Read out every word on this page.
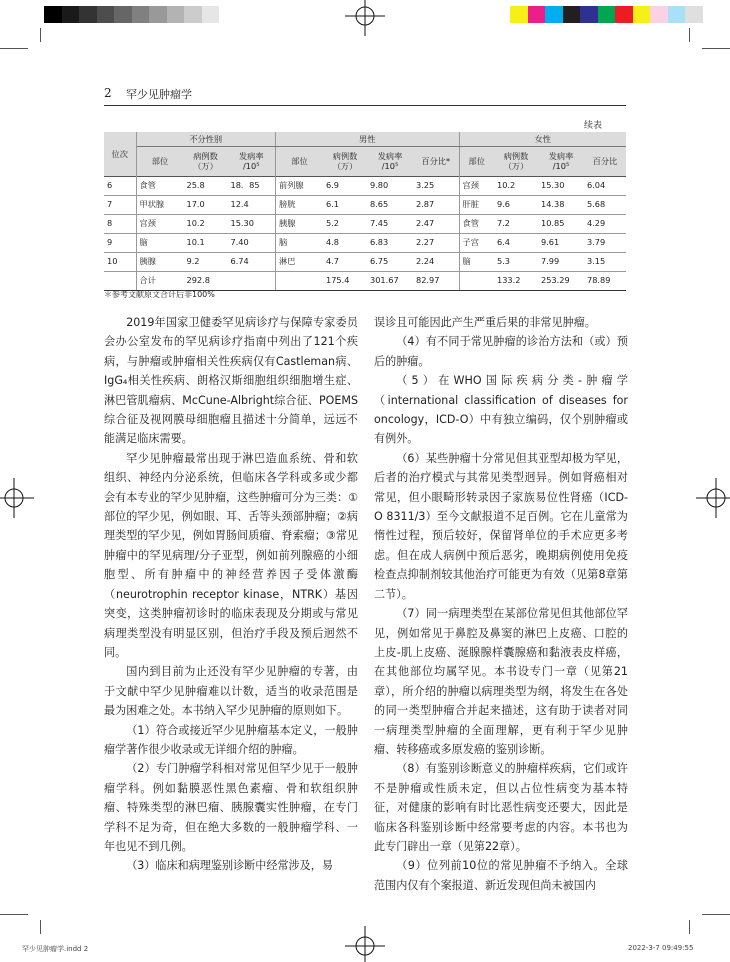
2 罕少见肿瘤学
续表
位次	不分性别			男性				女性			
	部位	病例数（万）	发病率 /10⁵	部位	病例数（万）	发病率 /10⁵	百分比*	部位	病例数（万）	发病率 /10⁵	百分比
6	食管	25.8	18．85	前列腺	6.9	9.80	3.25	宫颈	10.2	15.30	6.04
7	甲状腺	17.0	12.4	膀胱	6.1	8.65	2.87	肝脏	9.6	14.38	5.68
8	宫颈	10.2	15.30	胰腺	5.2	7.45	2.47	食管	7.2	10.85	4.29
9	脑	10.1	7.40	脑	4.8	6.83	2.27	子宫	6.4	9.61	3.79
10	胰腺	9.2	6.74	淋巴	4.7	6.75	2.24	脑	5.3	7.99	3.15
	合计	292.8			175.4	301.67	82.97		133.2	253.29	78.89
＊参考文献原文合计后非100%

2019年国家卫健委罕见病诊疗与保障专家委员会办公室发布的罕见病诊疗指南中列出了121个疾病，与肿瘤或肿瘤相关性疾病仅有Castleman病、IgG₄相关性疾病、朗格汉斯细胞组织细胞增生症、淋巴管肌瘤病、McCune-Albright综合征、POEMS综合征及视网膜母细胞瘤且描述十分简单，远远不能满足临床需要。

罕少见肿瘤最常出现于淋巴造血系统、骨和软组织、神经内分泌系统，但临床各学科或多或少都会有本专业的罕少见肿瘤，这些肿瘤可分为三类：①部位的罕少见，例如眼、耳、舌等头颈部肿瘤；②病理类型的罕少见，例如胃肠间质瘤、脊索瘤；③常见肿瘤中的罕见病理/分子亚型，例如前列腺癌的小细胞型、所有肿瘤中的神经营养因子受体激酶（neurotrophin receptor kinase，NTRK）基因突变，这类肿瘤初诊时的临床表现及分期或与常见病理类型没有明显区别，但治疗手段及预后迥然不同。

国内到目前为止还没有罕少见肿瘤的专著，由于文献中罕少见肿瘤难以计数，适当的收录范围是最为困难之处。本书纳入罕少见肿瘤的原则如下。

（1）符合或接近罕少见肿瘤基本定义，一般肿瘤学著作很少收录或无详细介绍的肿瘤。

（2）专门肿瘤学科相对常见但罕少见于一般肿瘤学科。例如黏膜恶性黑色素瘤、骨和软组织肿瘤、特殊类型的淋巴瘤、胰腺囊实性肿瘤，在专门学科不足为奇，但在绝大多数的一般肿瘤学科、一年也见不到几例。

（3）临床和病理鉴别诊断中经常涉及，易

误诊且可能因此产生严重后果的非常见肿瘤。

（4）有不同于常见肿瘤的诊治方法和（或）预后的肿瘤。

（5）在WHO国际疾病分类-肿瘤学（international classification of diseases for oncology，ICD-O）中有独立编码，仅个别肿瘤或有例外。

（6）某些肿瘤十分常见但其亚型却极为罕见，后者的治疗模式与其常见类型迥异。例如肾癌相对常见，但小眼畸形转录因子家族易位性肾癌（ICD-O 8311/3）至今文献报道不足百例。它在儿童常为惰性过程，预后较好，保留肾单位的手术应更多考虑。但在成人病例中预后恶劣，晚期病例使用免疫检查点抑制剂较其他治疗可能更为有效（见第8章第二节）。

（7）同一病理类型在某部位常见但其他部位罕见，例如常见于鼻腔及鼻窦的淋巴上皮癌、口腔的上皮-肌上皮癌、涎腺腺样囊腺癌和黏液表皮样癌，在其他部位均属罕见。本书设专门一章（见第21章），所介绍的肿瘤以病理类型为纲，将发生在各处的同一类型肿瘤合并起来描述，这有助于读者对同一病理类型肿瘤的全面理解，更有利于罕少见肿瘤、转移癌或多原发癌的鉴别诊断。

（8）有鉴别诊断意义的肿瘤样疾病，它们或许不是肿瘤或性质未定，但以占位性病变为基本特征，对健康的影响有时比恶性病变还要大，因此是临床各科鉴别诊断中经常要考虑的内容。本书也为此专门辟出一章（见第22章）。

（9）位列前10位的常见肿瘤不予纳入。全球范围内仅有个案报道、新近发现但尚未被国内

罕少见肿瘤学.indd 2	2022-3-7 09:49:55
